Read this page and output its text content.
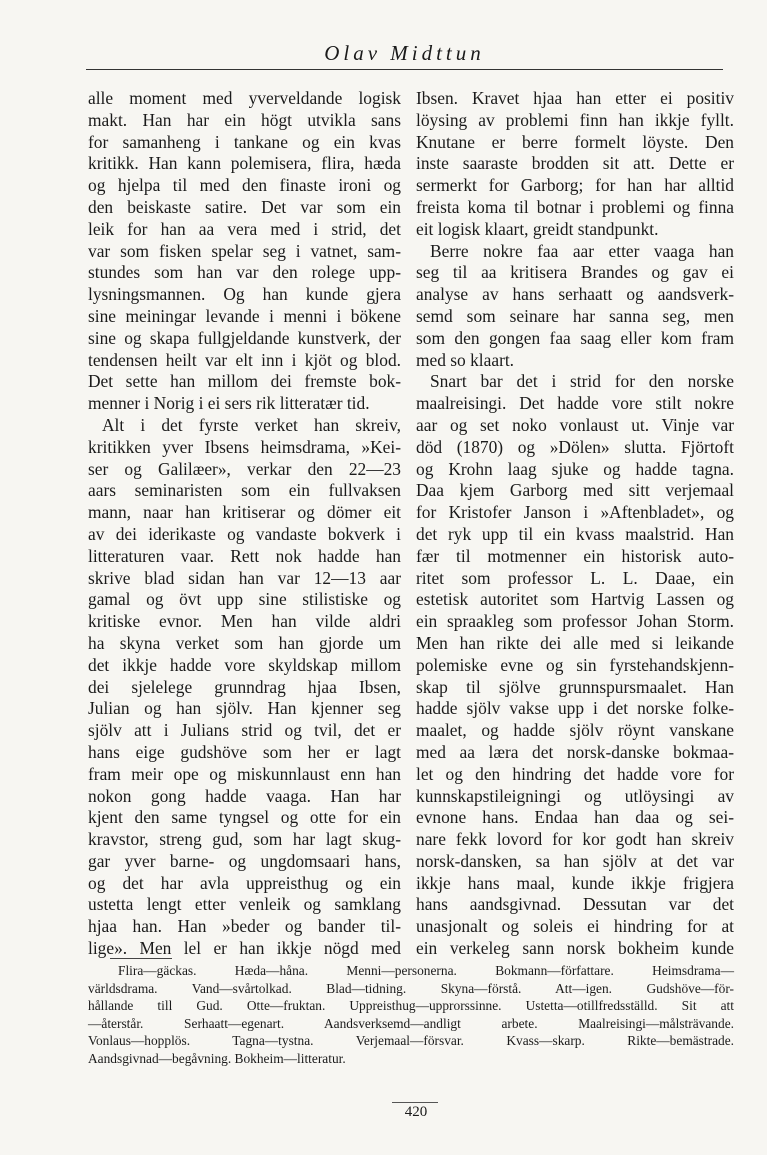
Olav Midttun
alle moment med yverveldande logisk
makt. Han har ein högt utvikla sans
for samanheng i tankane og ein kvas
kritikk. Han kann polemisera, flira, hæda
og hjelpa til med den finaste ironi og
den beiskaste satire. Det var som ein
leik for han aa vera med i strid, det
var som fisken spelar seg i vatnet, sam-
stundes som han var den rolege upp-
lysningsmannen. Og han kunde gjera
sine meiningar levande i menni i bökene
sine og skapa fullgjeldande kunstverk, der
tendensen heilt var elt inn i kjöt og blod.
Det sette han millom dei fremste bok-
menner i Norig i ei sers rik litteratær tid.
Alt i det fyrste verket han skreiv,
kritikken yver Ibsens heimsdrama, »Kei-
ser og Galilæer», verkar den 22—23
aars seminaristen som ein fullvaksen
mann, naar han kritiserar og dömer eit
av dei iderikaste og vandaste bokverk i
litteraturen vaar. Rett nok hadde han
skrive blad sidan han var 12—13 aar
gamal og övt upp sine stilistiske og
kritiske evnor. Men han vilde aldri
ha skyna verket som han gjorde um
det ikkje hadde vore skyldskap millom
dei sjelelege grunndrag hjaa Ibsen,
Julian og han sjölv. Han kjenner seg
sjölv att i Julians strid og tvil, det er
hans eige gudshöve som her er lagt
fram meir ope og miskunnlaust enn han
nokon gong hadde vaaga. Han har
kjent den same tyngsel og otte for ein
kravstor, streng gud, som har lagt skug-
gar yver barne- og ungdomsaari hans,
og det har avla uppreisthug og ein
ustetta lengt etter venleik og samklang
hjaa han. Han »beder og bander til-
lige». Men lel er han ikkje nögd med
Ibsen. Kravet hjaa han etter ei positiv
löysing av problemi finn han ikkje fyllt.
Knutane er berre formelt löyste. Den
inste saaraste brodden sit att. Dette er
sermerkt for Garborg; for han har alltid
freista koma til botnar i problemi og finna
eit logisk klaart, greidt standpunkt.
Berre nokre faa aar etter vaaga han
seg til aa kritisera Brandes og gav ei
analyse av hans serhaatt og aandsverk-
semd som seinare har sanna seg, men
som den gongen faa saag eller kom fram
med so klaart.
Snart bar det i strid for den norske
maalreisingi. Det hadde vore stilt nokre
aar og set noko vonlaust ut. Vinje var
död (1870) og »Dölen» slutta. Fjörtoft
og Krohn laag sjuke og hadde tagna.
Daa kjem Garborg med sitt verjemaal
for Kristofer Janson i »Aftenbladet», og
det ryk upp til ein kvass maalstrid. Han
fær til motmenner ein historisk auto-
ritet som professor L. L. Daae, ein
estetisk autoritet som Hartvig Lassen og
ein spraakleg som professor Johan Storm.
Men han rikte dei alle med si leikande
polemiske evne og sin fyrstehandskjenn-
skap til sjölve grunnspursmaalet. Han
hadde sjölv vakse upp i det norske folke-
maalet, og hadde sjölv röynt vanskane
med aa læra det norsk-danske bokmaa-
let og den hindring det hadde vore for
kunnskapstileigningi og utlöysingi av
evnone hans. Endaa han daa og sei-
nare fekk lovord for kor godt han skreiv
norsk-dansken, sa han sjölv at det var
ikkje hans maal, kunde ikkje frigjera
hans aandsgivnad. Dessutan var det
unasjonalt og soleis ei hindring for at
ein verkeleg sann norsk bokheim kunde
Flira—gäckas. Hæda—håna. Menni—personerna. Bokmann—författare. Heimsdrama—
världsdrama. Vand—svårtolkad. Blad—tidning. Skyna—förstå. Att—igen. Gudshöve—för-
hållande till Gud. Otte—fruktan. Uppreisthug—upprorssinne. Ustetta—otillfredsställd. Sit att
—återstår. Serhaatt—egenart. Aandsverksemd—andligt arbete. Maalreisingi—målsträvande.
Vonlaus—hopplös. Tagna—tystna. Verjemaal—försvar. Kvass—skarp. Rikte—bemästrade.
Aandsgivnad—begåvning. Bokheim—litteratur.
420
